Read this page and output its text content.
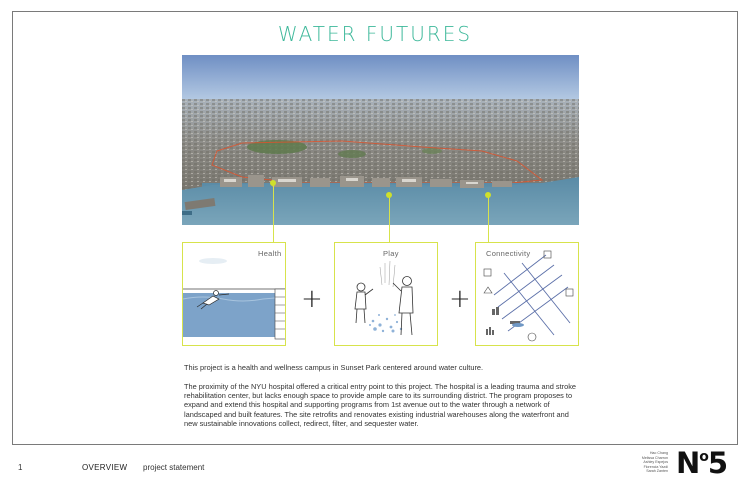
WATER FUTURES
Health
+
Play
+
Connectivity
This project is a health and wellness campus in Sunset Park centered around water culture.
The proximity of the NYU hospital offered a critical entry point to this project. The hospital is a leading trauma and stroke rehabilitation center, but lacks enough space to provide ample care to its surrounding district. The program proposes to expand and extend this hospital and supporting programs from 1st avenue out to the water through a network of landscaped and built features. The site retrofits and renovates existing industrial warehouses along the waterfront and new sustainable innovations collect, redirect, filter, and sequester water.
1	OVERVIEW project statement
Hao Chang
Melissa Charron
Ashley Espejos
Florencia Yazdi
Sarah Zanten $N^o5$
